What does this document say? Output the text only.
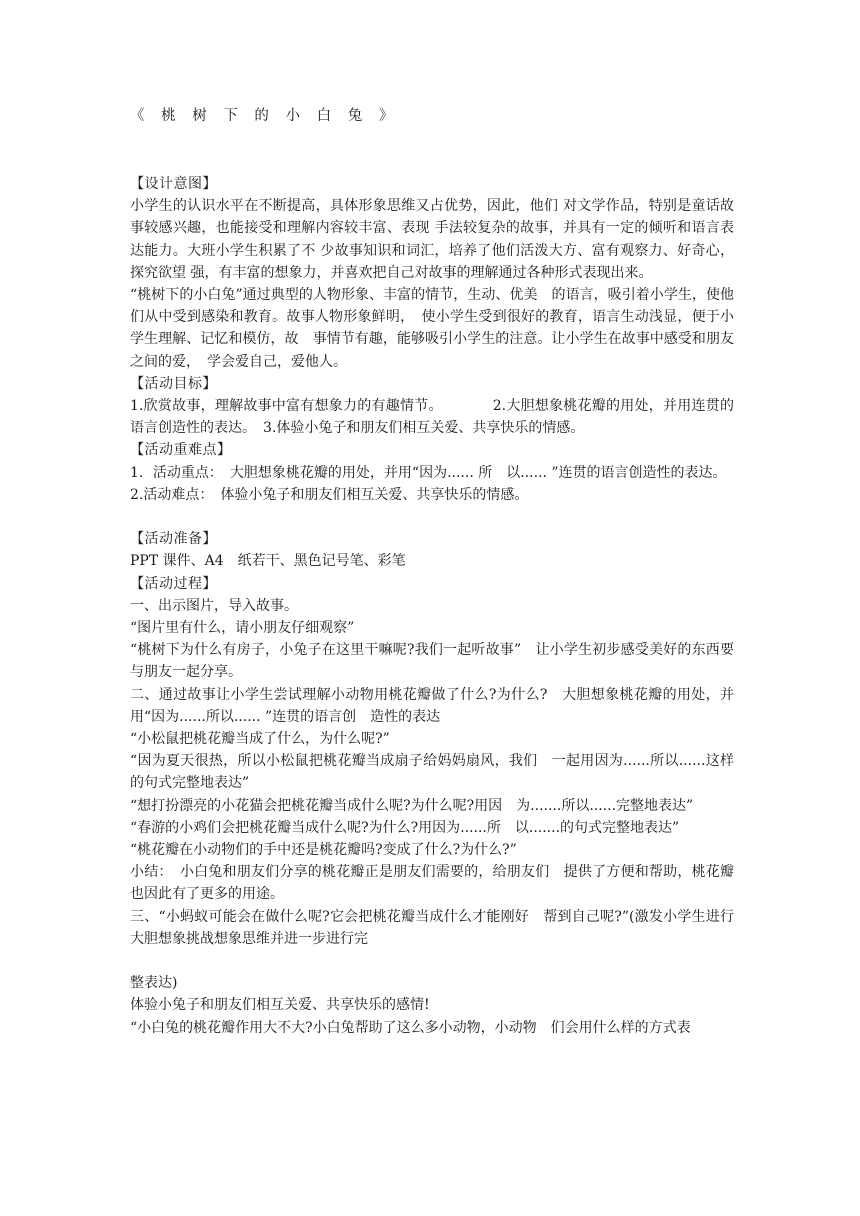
《 桃 树 下 的 小 白 兔 》

【设计意图】

小学生的认识水平在不断提高，具体形象思维又占优势，因此，他们 对文学作品，特别是童话故事较感兴趣，也能接受和理解内容较丰富、表现 手法较复杂的故事，并具有一定的倾听和语言表达能力。大班小学生积累了不 少故事知识和词汇，培养了他们活泼大方、富有观察力、好奇心，探究欲望 强，有丰富的想象力，并喜欢把自己对故事的理解通过各种形式表现出来。

“桃树下的小白兔”通过典型的人物形象、丰富的情节，生动、优美　的语言，吸引着小学生，使他们从中受到感染和教育。故事人物形象鲜明，　使小学生受到很好的教育，语言生动浅显，便于小学生理解、记忆和模仿，故　事情节有趣，能够吸引小学生的注意。让小学生在故事中感受和朋友之间的爱，　学会爱自己，爱他人。

【活动目标】

1.欣赏故事，理解故事中富有想象力的有趣情节。　　　　2.大胆想象桃花瓣的用处，并用连贯的语言创造性的表达。　3.体验小兔子和朋友们相互关爱、共享快乐的情感。

【活动重难点】

1．活动重点：　大胆想象桃花瓣的用处，并用“因为...... 所　以...... ”连贯的语言创造性的表达。

2.活动难点：　体验小兔子和朋友们相互关爱、共享快乐的情感。

【活动准备】

PPT 课件、A4　纸若干、黑色记号笔、彩笔

【活动过程】

一、出示图片，导入故事。

“图片里有什么，请小朋友仔细观察”

“桃树下为什么有房子，小兔子在这里干嘛呢?我们一起听故事”　让小学生初步感受美好的东西要与朋友一起分享。

二、通过故事让小学生尝试理解小动物用桃花瓣做了什么?为什么?　大胆想象桃花瓣的用处，并用“因为......所以...... ”连贯的语言创　造性的表达

“小松鼠把桃花瓣当成了什么，为什么呢?”

“因为夏天很热，所以小松鼠把桃花瓣当成扇子给妈妈扇风，我们　一起用因为......所以......这样的句式完整地表达”

“想打扮漂亮的小花猫会把桃花瓣当成什么呢?为什么呢?用因　为.......所以......完整地表达”

“春游的小鸡们会把桃花瓣当成什么呢?为什么?用因为......所　以.......的句式完整地表达”

“桃花瓣在小动物们的手中还是桃花瓣吗?变成了什么?为什么?”

小结：　小白兔和朋友们分享的桃花瓣正是朋友们需要的，给朋友们　提供了方便和帮助，桃花瓣也因此有了更多的用途。

三、“小蚂蚁可能会在做什么呢?它会把桃花瓣当成什么才能刚好　帮到自己呢?”(激发小学生进行大胆想象挑战想象思维并进一步进行完

整表达)

体验小兔子和朋友们相互关爱、共享快乐的感情!

“小白兔的桃花瓣作用大不大?小白兔帮助了这么多小动物，小动物　们会用什么样的方式表
